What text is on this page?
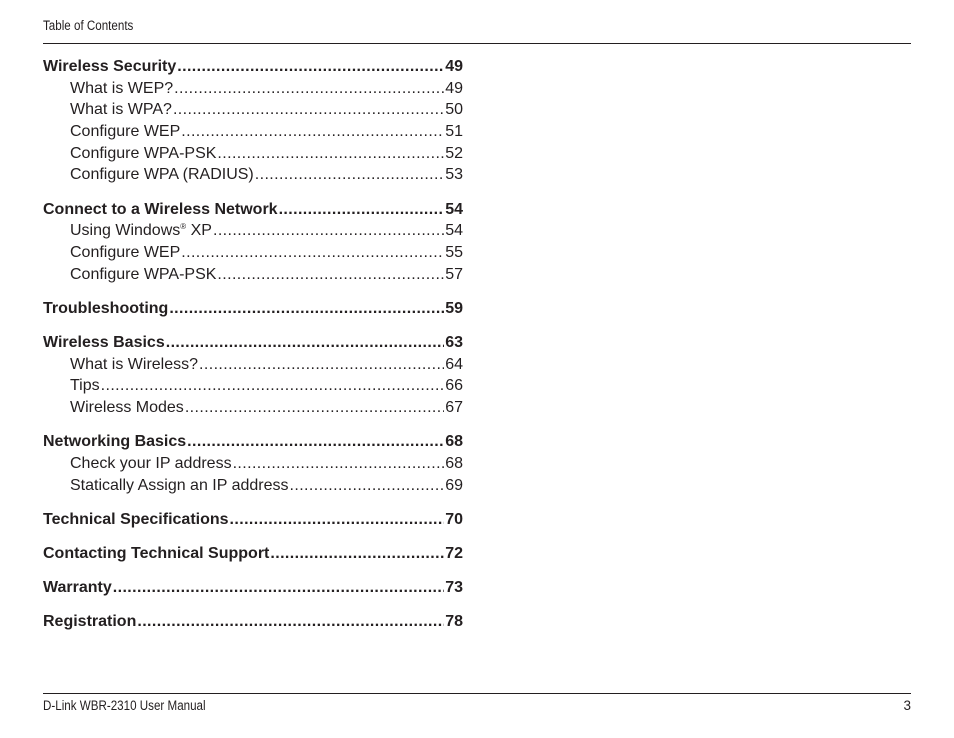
Table of Contents
Wireless Security .....	49
What is WEP? .....	49
What is WPA? .....	50
Configure WEP .....	51
Configure WPA-PSK .....	52
Configure WPA (RADIUS) .....	53
Connect to a Wireless Network .....	54
Using Windows® XP .....	54
Configure WEP .....	55
Configure WPA-PSK .....	57
Troubleshooting .....	59
Wireless Basics .....	63
What is Wireless? .....	64
Tips .....	66
Wireless Modes .....	67
Networking Basics .....	68
Check your IP address .....	68
Statically Assign an IP address .....	69
Technical Specifications .....	70
Contacting Technical Support .....	72
Warranty .....	73
Registration .....	78
D-Link WBR-2310 User Manual	3
